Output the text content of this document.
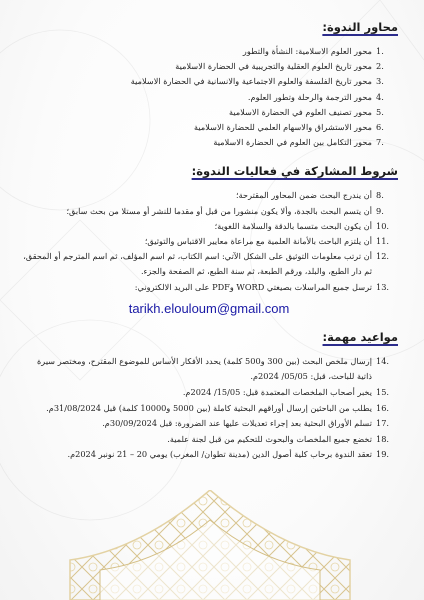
محاور الندوة:
1.
محور العلوم الاسلامية: النشأة والتطور
2.
محور تاريخ العلوم العقلية والتجريبية في الحضارة الاسلامية
3.
محور تاريخ الفلسفة والعلوم الاجتماعية والانسانية في الحضارة الاسلامية
4.
محور الترجمة والرحلة وتطور العلوم.
5.
محور تصنيف العلوم في الحضارة الاسلامية
6.
محور الاستشراق والاسهام العلمي للحضارة الاسلامية
7.
محور التكامل بين العلوم في الحضارة الاسلامية
شروط المشاركة في فعاليات الندوة:
8.
أن يندرج البحث ضمن المحاور المقترحة؛
9.
أن يتسم البحث بالجدة، وألا يكون منشورا من قبل أو مقدما للنشر أو مستلا من بحث سابق؛
10.
أن يكون البحث متسما بالدقة والسلامة اللغوية؛
11.
أن يلتزم الباحث بالأمانة العلمية مع مراعاة معايير الاقتباس والتوثيق؛
12.
أن ترتب معلومات التوثيق على الشكل الآتي: اسم الكتاب، ثم اسم المؤلف، ثم اسم المترجم أو المحقق، ثم دار الطبع، والبلد، ورقم الطبعة، ثم سنة الطبع، ثم الصفحة والجزء.
13.
ترسل جميع المراسلات بصيغتي WORD وPDF على البريد الالكتروني:
tarikh.elouloum@gmail.com
مواعيد مهمة:
14.
إرسال ملخص البحث (بين 300 و500 كلمة) يحدد الأفكار الأساس للموضوع المقترح، ومختصر سيرة ذاتية للباحث، قبل: 05/05/ 2024م.
15.
يخبر أصحاب الملخصات المعتمدة قبل: 15/05/ 2024م.
16.
يطلب من الباحثين إرسال أوراقهم البحثية كاملة (بين 5000 و10000 كلمة) قبل 31/08/2024م.
17.
تسلم الأوراق البحثية بعد إجراء تعديلات عليها عند الضرورة: قبل 30/09/2024م.
18.
تخضع جميع الملخصات والبحوث للتحكيم من قبل لجنة علمية.
19.
تعقد الندوة برحاب كلية أصول الدين (مدينة تطوان/ المغرب) يومي 20 – 21 نونبر 2024م.
